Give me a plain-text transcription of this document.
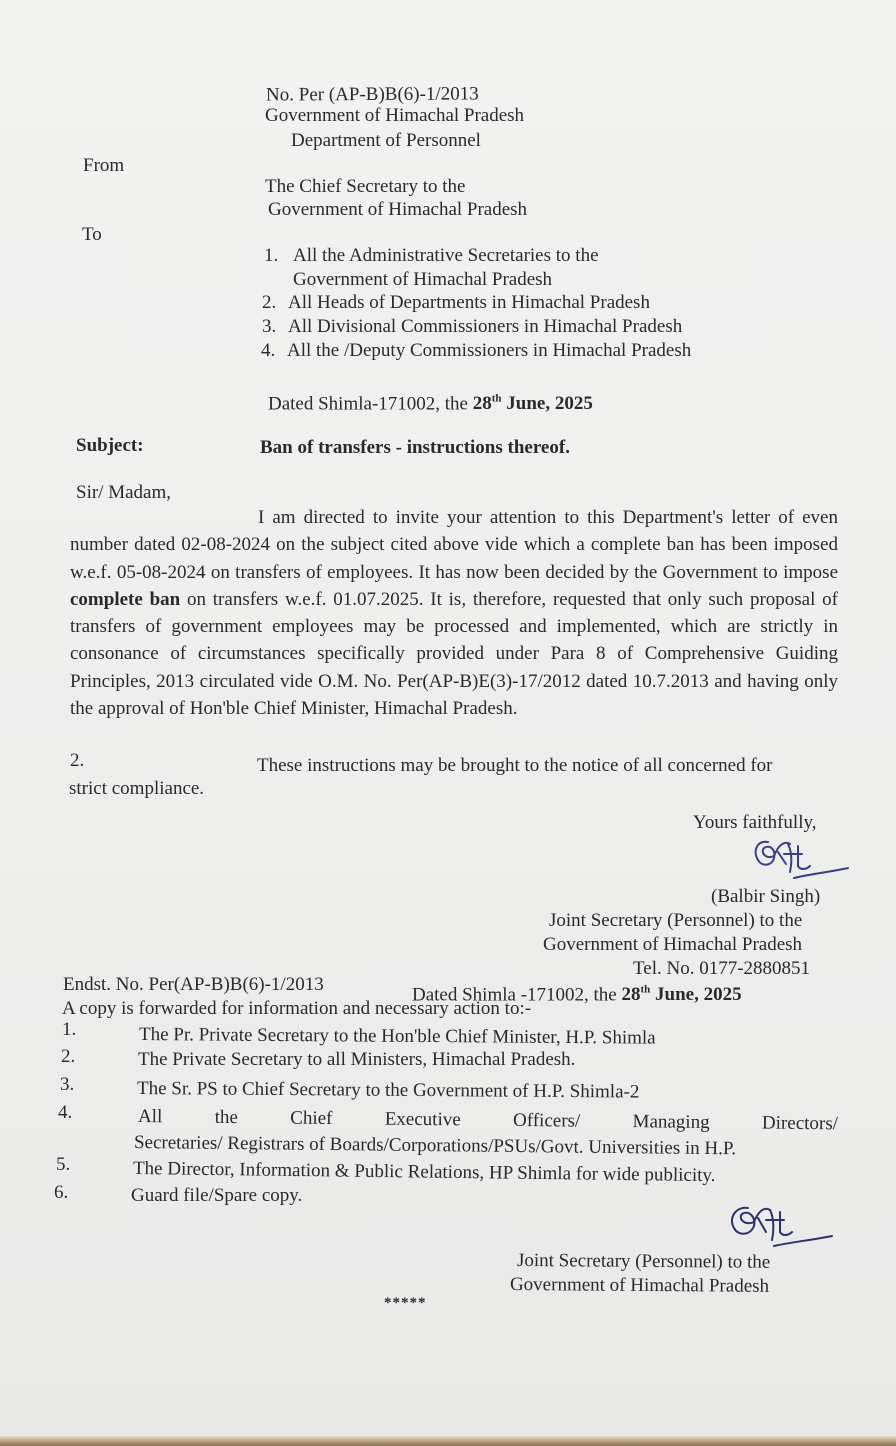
No. Per (AP-B)B(6)-1/2013
Government of Himachal Pradesh
Department of Personnel
From
The Chief Secretary to the
Government of Himachal Pradesh
To
1. All the Administrative Secretaries to the
Government of Himachal Pradesh
2. All Heads of Departments in Himachal Pradesh
3. All Divisional Commissioners in Himachal Pradesh
4. All the /Deputy Commissioners in Himachal Pradesh
Dated Shimla-171002, the 28th June, 2025
Subject:	Ban of transfers - instructions thereof.
Sir/ Madam,
I am directed to invite your attention to this Department's letter of even number dated 02-08-2024 on the subject cited above vide which a complete ban has been imposed w.e.f. 05-08-2024 on transfers of employees. It has now been decided by the Government to impose complete ban on transfers w.e.f. 01.07.2025. It is, therefore, requested that only such proposal of transfers of government employees may be processed and implemented, which are strictly in consonance of circumstances specifically provided under Para 8 of Comprehensive Guiding Principles, 2013 circulated vide O.M. No. Per(AP-B)E(3)-17/2012 dated 10.7.2013 and having only the approval of Hon'ble Chief Minister, Himachal Pradesh.
2.	These instructions may be brought to the notice of all concerned for
strict compliance.
Yours faithfully,
(Balbir Singh)
Joint Secretary (Personnel) to the
Government of Himachal Pradesh
Tel. No. 0177-2880851
Endst. No. Per(AP-B)B(6)-1/2013	Dated Shimla -171002, the 28th June, 2025
A copy is forwarded for information and necessary action to:-
1.	The Pr. Private Secretary to the Hon'ble Chief Minister, H.P. Shimla
2.	The Private Secretary to all Ministers, Himachal Pradesh.
3.	The Sr. PS to Chief Secretary to the Government of H.P. Shimla-2
4.	All the Chief Executive Officers/ Managing Directors/
Secretaries/ Registrars of Boards/Corporations/PSUs/Govt. Universities in H.P.
5.	The Director, Information & Public Relations, HP Shimla for wide publicity.
6.	Guard file/Spare copy.
Joint Secretary (Personnel) to the
Government of Himachal Pradesh
*****
